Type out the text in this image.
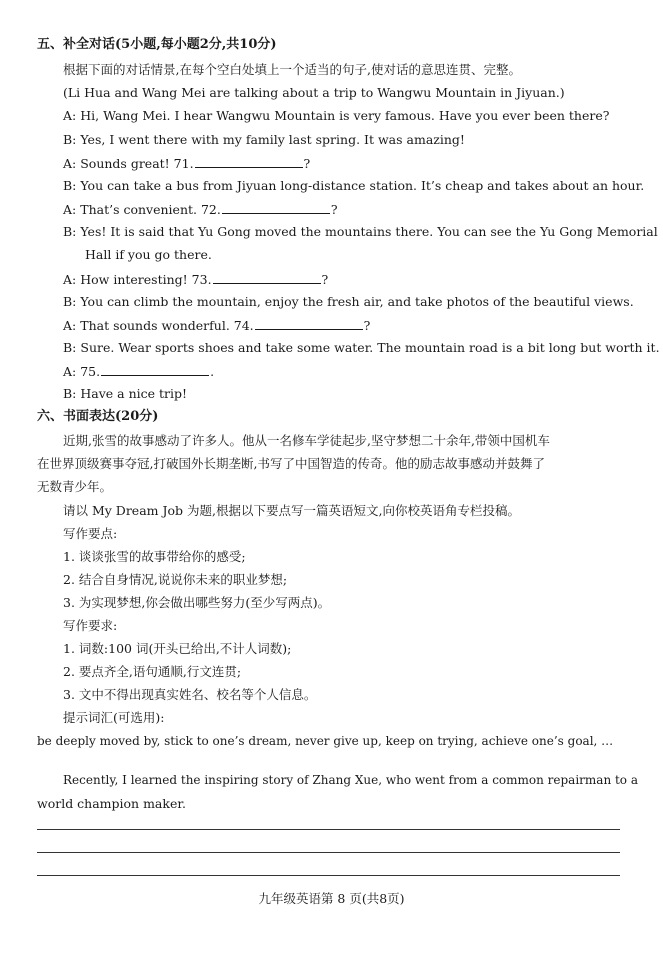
五、补全对话(5小题,每小题2分,共10分)
根据下面的对话情景,在每个空白处填上一个适当的句子,使对话的意思连贯、完整。
(Li Hua and Wang Mei are talking about a trip to Wangwu Mountain in Jiyuan.)
A: Hi, Wang Mei. I hear Wangwu Mountain is very famous. Have you ever been there?
B: Yes, I went there with my family last spring. It was amazing!
A: Sounds great! 71.	?
B: You can take a bus from Jiyuan long-distance station. It’s cheap and takes about an hour.
A: That’s convenient. 72.	?
B: Yes! It is said that Yu Gong moved the mountains there. You can see the Yu Gong Memorial
Hall if you go there.
A: How interesting! 73.	?
B: You can climb the mountain, enjoy the fresh air, and take photos of the beautiful views.
A: That sounds wonderful. 74.	?
B: Sure. Wear sports shoes and take some water. The mountain road is a bit long but worth it.
A: 75.	.
B: Have a nice trip!
六、书面表达(20分)
近期,张雪的故事感动了许多人。他从一名修车学徒起步,坚守梦想二十余年,带领中国机车
在世界顶级赛事夺冠,打破国外长期垄断,书写了中国智造的传奇。他的励志故事感动并鼓舞了
无数青少年。
请以 My Dream Job 为题,根据以下要点写一篇英语短文,向你校英语角专栏投稿。
写作要点:
1. 谈谈张雪的故事带给你的感受;
2. 结合自身情况,说说你未来的职业梦想;
3. 为实现梦想,你会做出哪些努力(至少写两点)。
写作要求:
1. 词数:100 词(开头已给出,不计人词数);
2. 要点齐全,语句通顺,行文连贯;
3. 文中不得出现真实姓名、校名等个人信息。
提示词汇(可选用):
be deeply moved by, stick to one’s dream, never give up, keep on trying, achieve one’s goal, …
Recently, I learned the inspiring story of Zhang Xue, who went from a common repairman to a
world champion maker.
九年级英语第 8 页(共8页)
